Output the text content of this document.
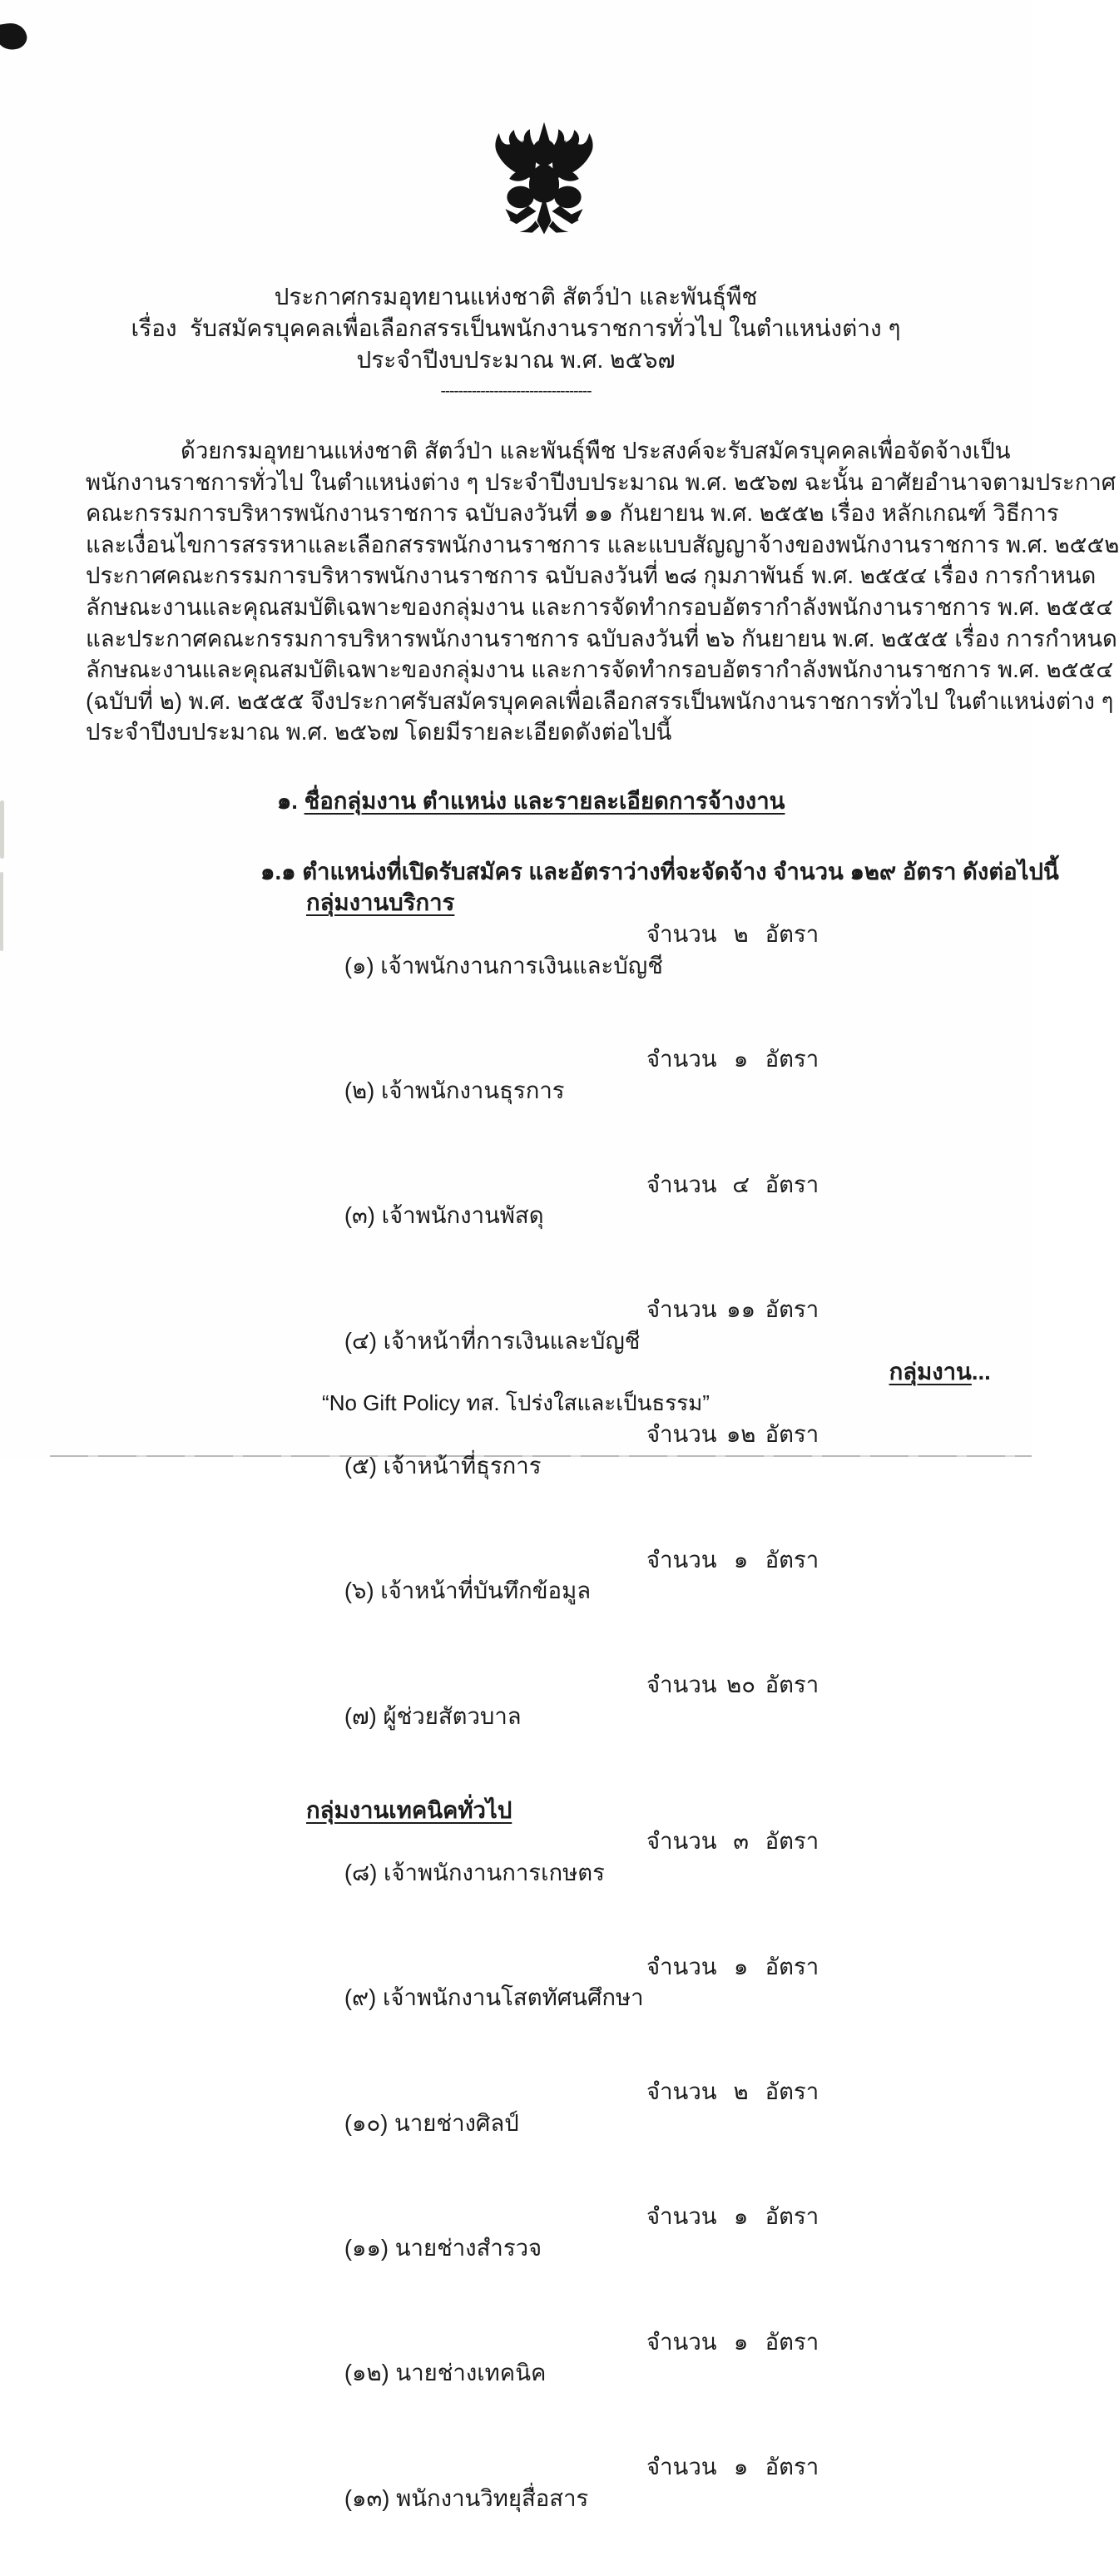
ประกาศกรมอุทยานแห่งชาติ สัตว์ป่า และพันธุ์พืช
เรื่อง  รับสมัครบุคคลเพื่อเลือกสรรเป็นพนักงานราชการทั่วไป ในตำแหน่งต่าง ๆ
ประจำปีงบประมาณ พ.ศ. ๒๕๖๗
----------------------------------
ด้วยกรมอุทยานแห่งชาติ สัตว์ป่า และพันธุ์พืช ประสงค์จะรับสมัครบุคคลเพื่อจัดจ้างเป็น
พนักงานราชการทั่วไป ในตำแหน่งต่าง ๆ ประจำปีงบประมาณ พ.ศ. ๒๕๖๗ ฉะนั้น อาศัยอำนาจตามประกาศ
คณะกรรมการบริหารพนักงานราชการ ฉบับลงวันที่ ๑๑ กันยายน พ.ศ. ๒๕๕๒ เรื่อง หลักเกณฑ์ วิธีการ
และเงื่อนไขการสรรหาและเลือกสรรพนักงานราชการ และแบบสัญญาจ้างของพนักงานราชการ พ.ศ. ๒๕๕๒
ประกาศคณะกรรมการบริหารพนักงานราชการ ฉบับลงวันที่ ๒๘ กุมภาพันธ์ พ.ศ. ๒๕๕๔ เรื่อง การกำหนด
ลักษณะงานและคุณสมบัติเฉพาะของกลุ่มงาน และการจัดทำกรอบอัตรากำลังพนักงานราชการ พ.ศ. ๒๕๕๔
และประกาศคณะกรรมการบริหารพนักงานราชการ ฉบับลงวันที่ ๒๖ กันยายน พ.ศ. ๒๕๕๕ เรื่อง การกำหนด
ลักษณะงานและคุณสมบัติเฉพาะของกลุ่มงาน และการจัดทำกรอบอัตรากำลังพนักงานราชการ พ.ศ. ๒๕๕๔
(ฉบับที่ ๒) พ.ศ. ๒๕๕๕ จึงประกาศรับสมัครบุคคลเพื่อเลือกสรรเป็นพนักงานราชการทั่วไป ในตำแหน่งต่าง ๆ
ประจำปีงบประมาณ พ.ศ. ๒๕๖๗ โดยมีรายละเอียดดังต่อไปนี้

๑. ชื่อกลุ่มงาน ตำแหน่ง และรายละเอียดการจ้างงาน

๑.๑ ตำแหน่งที่เปิดรับสมัคร และอัตราว่างที่จะจัดจ้าง จำนวน ๑๒๙ อัตรา ดังต่อไปนี้
กลุ่มงานบริการ

(๑) เจ้าพนักงานการเงินและบัญชี

จำนวน ๒ อัตรา

(๒) เจ้าพนักงานธุรการ

จำนวน ๑ อัตรา

(๓) เจ้าพนักงานพัสดุ

จำนวน ๔ อัตรา

(๔) เจ้าหน้าที่การเงินและบัญชี

จำนวน ๑๑ อัตรา

(๕) เจ้าหน้าที่ธุรการ

จำนวน ๑๒ อัตรา

(๖) เจ้าหน้าที่บันทึกข้อมูล

จำนวน ๑ อัตรา

(๗) ผู้ช่วยสัตวบาล

จำนวน ๒๐ อัตรา

กลุ่มงานเทคนิคทั่วไป

(๘) เจ้าพนักงานการเกษตร

จำนวน ๓ อัตรา

(๙) เจ้าพนักงานโสตทัศนศึกษา

จำนวน ๑ อัตรา

(๑๐) นายช่างศิลป์

จำนวน ๒ อัตรา

(๑๑) นายช่างสำรวจ

จำนวน ๑ อัตรา

(๑๒) นายช่างเทคนิค

จำนวน ๑ อัตรา

(๑๓) พนักงานวิทยุสื่อสาร

จำนวน ๑ อัตรา

กลุ่มงาน...

“No Gift Policy ทส. โปร่งใสและเป็นธรรม”
